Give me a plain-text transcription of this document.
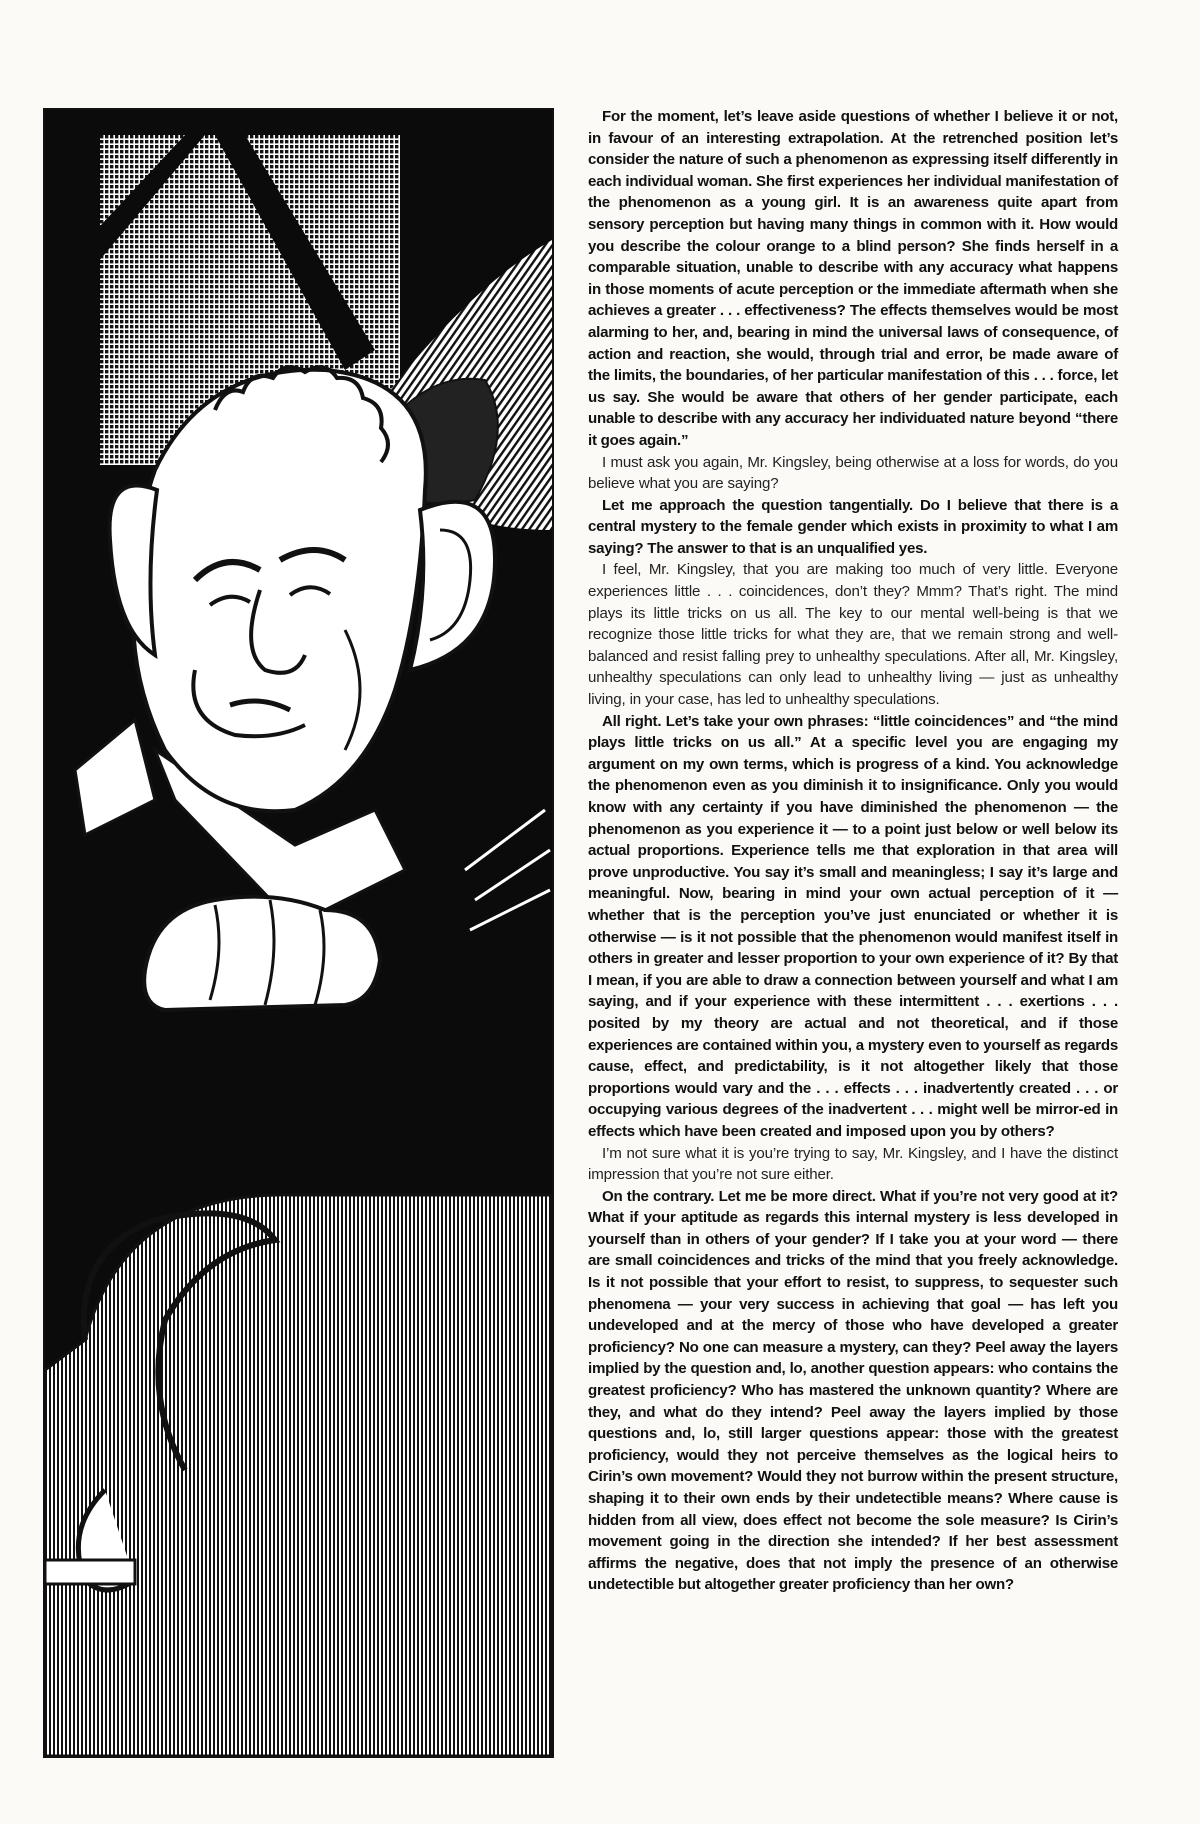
For the moment, let’s leave aside questions of whether I believe it or not, in favour of an interesting extrapolation. At the retrenched position let’s consider the nature of such a phenomenon as expressing itself differently in each individual woman. She first experiences her individual manifestation of the phenomenon as a young girl. It is an awareness quite apart from sensory perception but having many things in common with it. How would you describe the colour orange to a blind person? She finds herself in a comparable situation, unable to describe with any accuracy what happens in those moments of acute perception or the immediate aftermath when she achieves a greater . . . effectiveness? The effects themselves would be most alarming to her, and, bearing in mind the universal laws of consequence, of action and reaction, she would, through trial and error, be made aware of the limits, the boundaries, of her particular manifestation of this . . . force, let us say. She would be aware that others of her gender participate, each unable to describe with any accuracy her individuated nature beyond “there it goes again.”

I must ask you again, Mr. Kingsley, being otherwise at a loss for words, do you believe what you are saying?

Let me approach the question tangentially. Do I believe that there is a central mystery to the female gender which exists in proximity to what I am saying? The answer to that is an unqualified yes.

I feel, Mr. Kingsley, that you are making too much of very little. Everyone experiences little . . . coincidences, don’t they? Mmm? That’s right. The mind plays its little tricks on us all. The key to our mental well-being is that we recognize those little tricks for what they are, that we remain strong and well-balanced and resist falling prey to unhealthy speculations. After all, Mr. Kingsley, unhealthy speculations can only lead to unhealthy living — just as unhealthy living, in your case, has led to unhealthy speculations.

All right. Let’s take your own phrases: “little coincidences” and “the mind plays little tricks on us all.” At a specific level you are engaging my argument on my own terms, which is progress of a kind. You acknowledge the phenomenon even as you diminish it to insignificance. Only you would know with any certainty if you have diminished the phenomenon — the phenomenon as you experience it — to a point just below or well below its actual proportions. Experience tells me that exploration in that area will prove unproductive. You say it’s small and meaningless; I say it’s large and meaningful. Now, bearing in mind your own actual perception of it — whether that is the perception you’ve just enunciated or whether it is otherwise — is it not possible that the phenomenon would manifest itself in others in greater and lesser proportion to your own experience of it? By that I mean, if you are able to draw a connection between yourself and what I am saying, and if your experience with these intermittent . . . exertions . . . posited by my theory are actual and not theoretical, and if those experiences are contained within you, a mystery even to yourself as regards cause, effect, and predictability, is it not altogether likely that those proportions would vary and the . . . effects . . . inadvertently created . . . or occupying various degrees of the inadvertent . . . might well be mirror-ed in effects which have been created and imposed upon you by others?

I’m not sure what it is you’re trying to say, Mr. Kingsley, and I have the distinct impression that you’re not sure either.

On the contrary. Let me be more direct. What if you’re not very good at it? What if your aptitude as regards this internal mystery is less developed in yourself than in others of your gender? If I take you at your word — there are small coincidences and tricks of the mind that you freely acknowledge. Is it not possible that your effort to resist, to suppress, to sequester such phenomena — your very success in achieving that goal — has left you undeveloped and at the mercy of those who have developed a greater proficiency? No one can measure a mystery, can they? Peel away the layers implied by the question and, lo, another question appears: who contains the greatest proficiency? Who has mastered the unknown quantity? Where are they, and what do they intend? Peel away the layers implied by those questions and, lo, still larger questions appear: those with the greatest proficiency, would they not perceive themselves as the logical heirs to Cirin’s own movement? Would they not burrow within the present structure, shaping it to their own ends by their undetectible means? Where cause is hidden from all view, does effect not become the sole measure? Is Cirin’s movement going in the direction she intended? If her best assessment affirms the negative, does that not imply the presence of an otherwise undetectible but altogether greater proficiency than her own?
